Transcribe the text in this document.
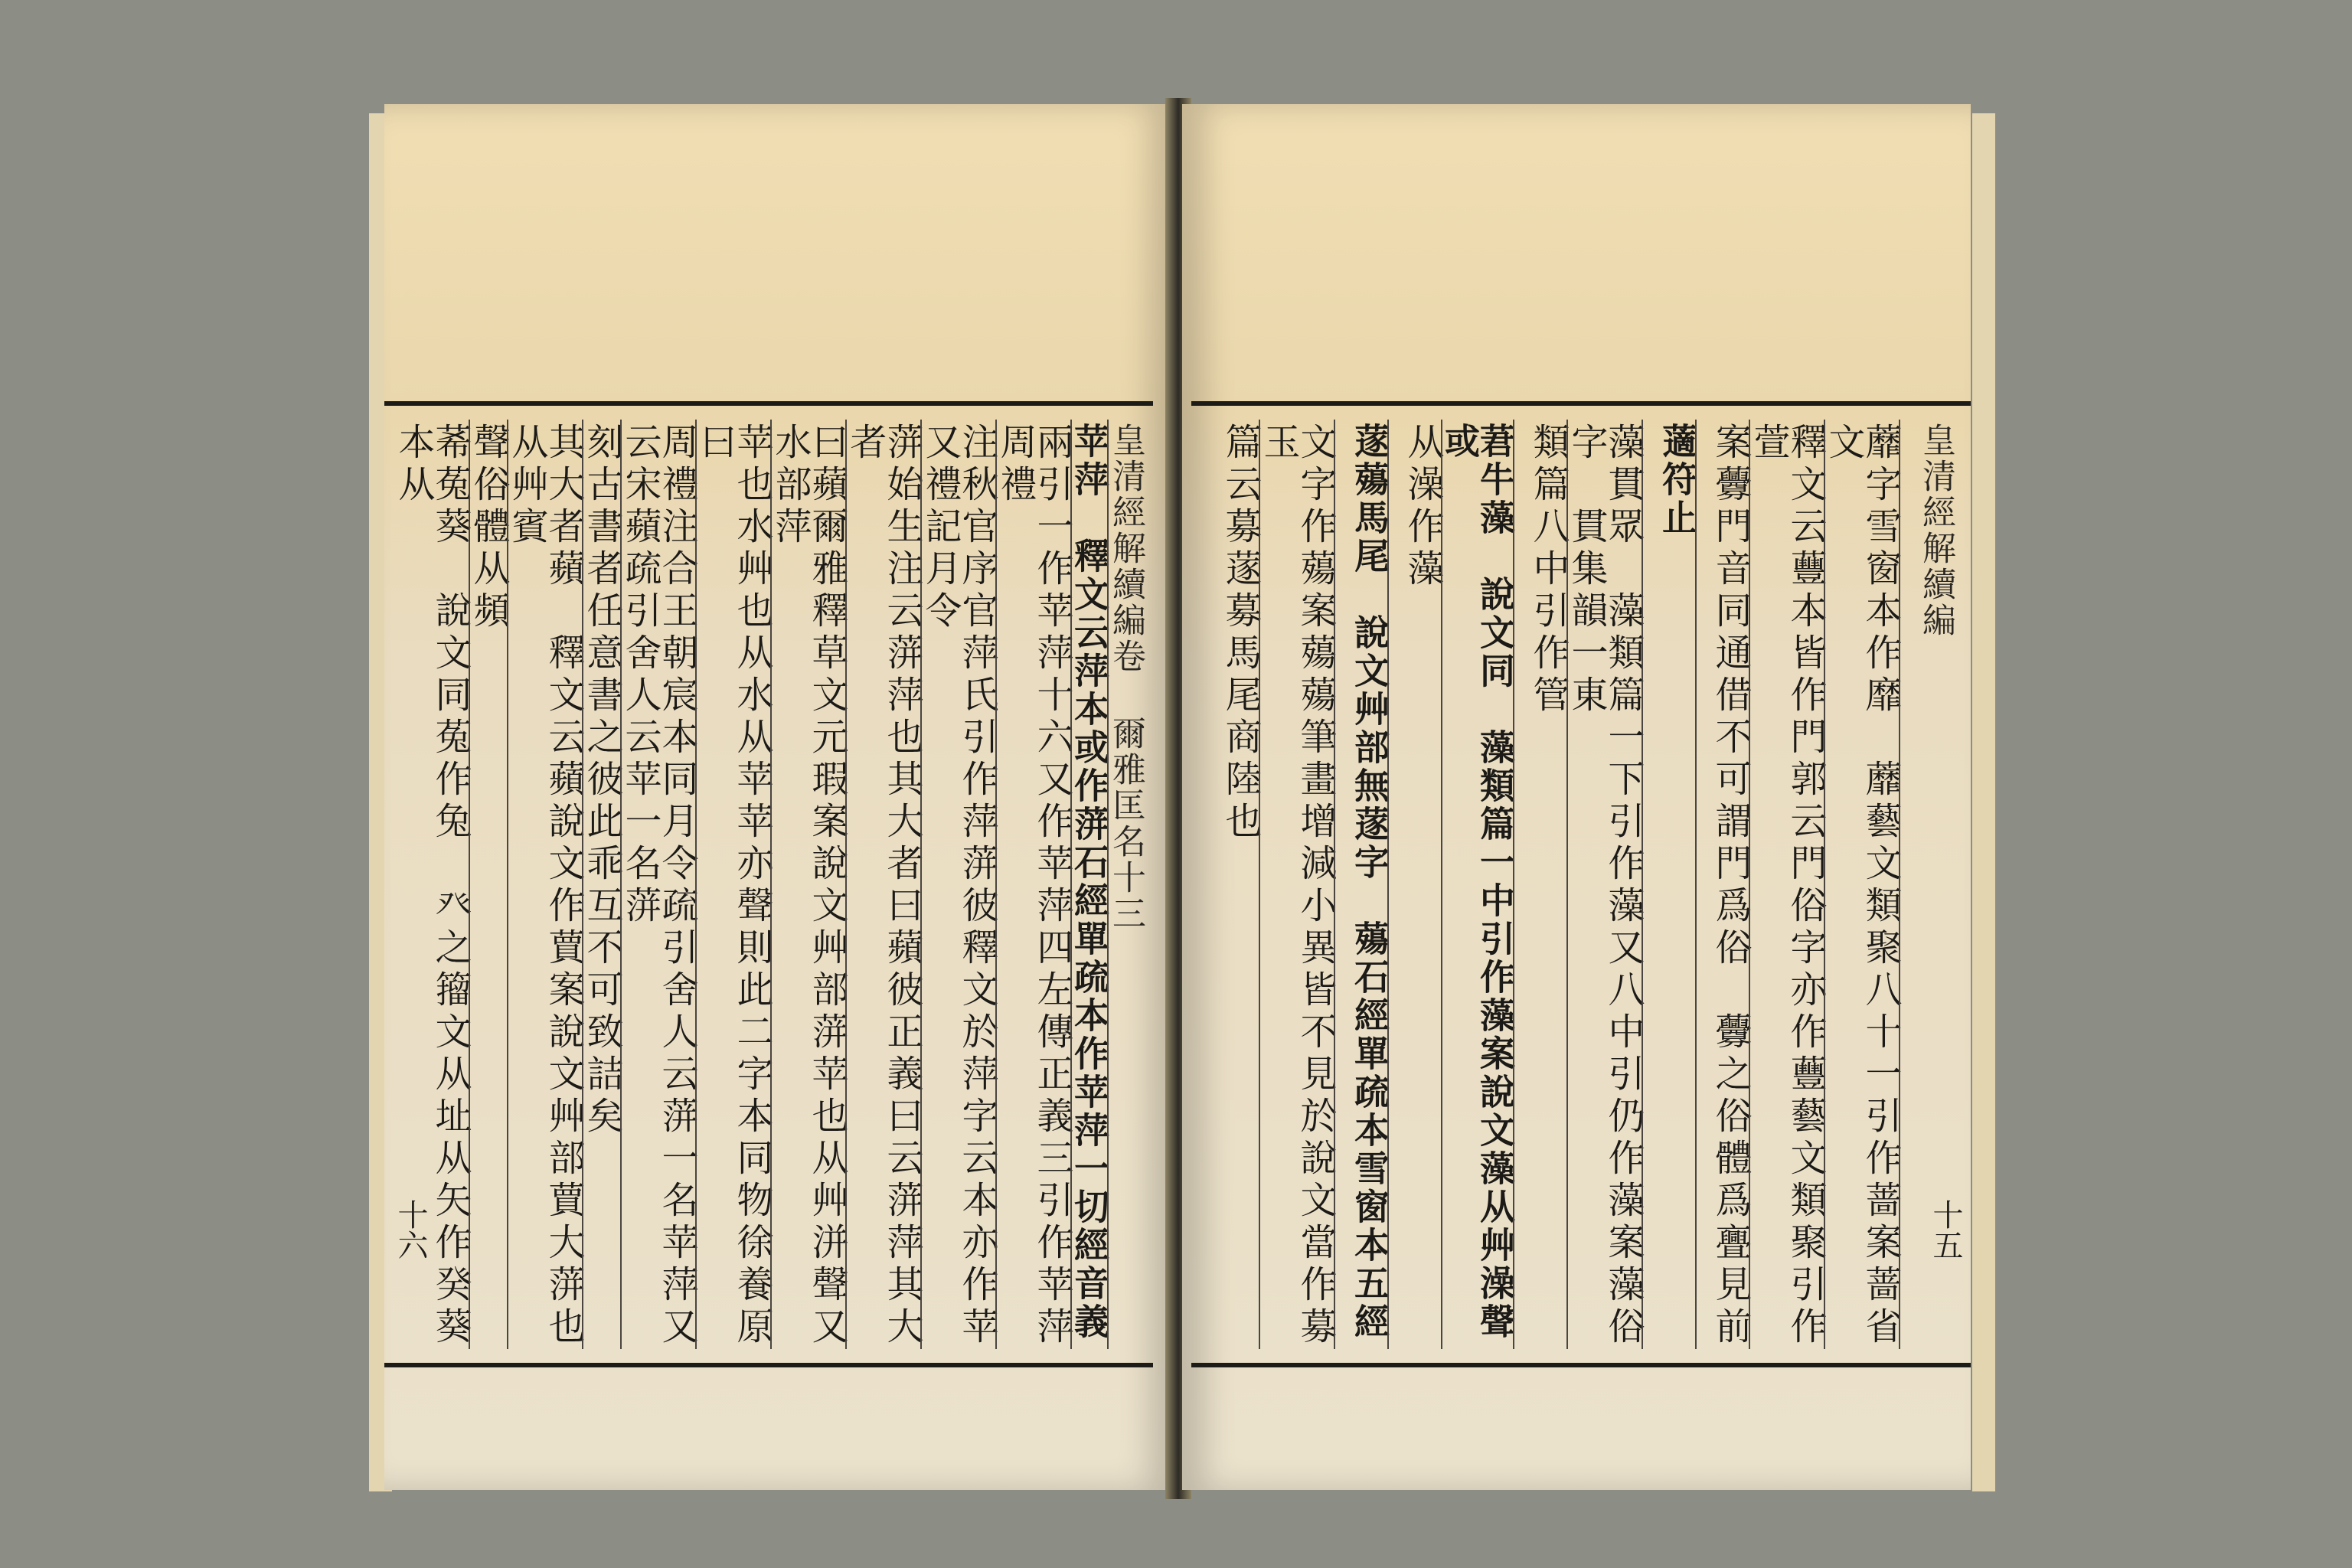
皇清經解續編卷 爾雅匡名十三
苹萍　釋文云萍本或作蓱石經單疏本作苹萍一切經音義
兩引一作苹萍十六又作苹萍四左傳正義三引作苹萍周禮
注秋官序官萍氏引作萍蓱彼釋文於萍字云本亦作苹又禮記月令
蓱始生注云蓱萍也其大者曰蘋彼正義曰云蓱萍其大者
曰蘋爾雅釋草文元瑕案說文艸部蓱苹也从艸洴聲又水部萍
苹也水艸也从水从苹苹亦聲則此二字本同物徐養原曰
周禮注合王朝宸本同月令疏引舍人云蓱一名苹萍又云宋蘋疏引舍人云苹一名蓱
刻古書者任意書之彼此乖互不可致詰矣
其大者蘋　釋文云蘋說文作蕒案說文艸部蕒大蓱也从艸賓
聲俗體从頻
莃菟葵　說文同菟作兔　癶之籀文从址从矢作癸葵本从
十六
皇清經解續編
蘼字雪窗本作靡　蘼藝文類聚八十一引作蔷案蔷省文
釋文云蘴本皆作門郭云門俗字亦作蘴藝文類聚引作萱
案虋門音同通借不可謂門爲俗　虋之俗體爲亹見前
藡符止
藻貫眾　藻類篇一下引作藻又八中引仍作藻案藻俗字　貫集韻一東
類篇八中引作管
莙牛藻　說文同　藻類篇一中引作藻案說文藻从艸澡聲或
从澡作藻
蓫薚馬尾　說文艸部無蓫字　薚石經單疏本雪窗本五經
文字作薚案薚薚筆畫增減小異皆不見於說文當作募玉
篇云募蓫募馬尾商陸也
十五
